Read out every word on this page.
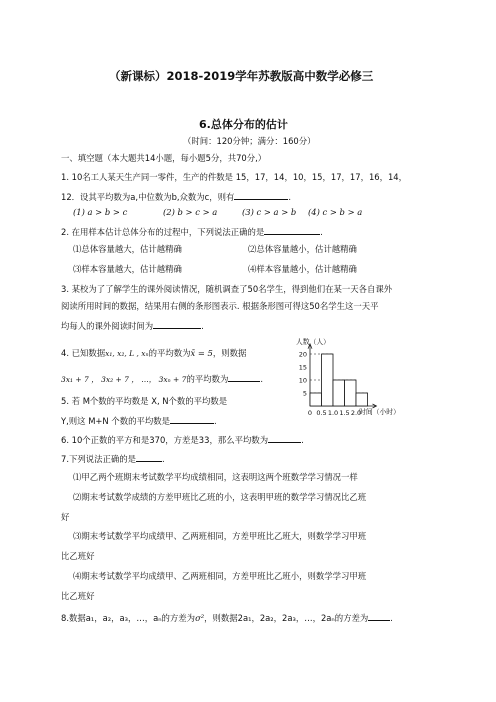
（新课标）2018-2019学年苏教版高中数学必修三
6.总体分布的估计
（时间：120分钟；满分：160分）
一、填空题（本大题共14小题，每小题5分，共70分,）
1. 10名工人某天生产同一零件，生产的件数是 15，17，14，10，15，17，17，16，14，
12．设其平均数为a,中位数为b,众数为c，则有	.
(1) a > b > c	(2) b > c > a	(3) c > a > b (4) c > b > a
2. 在用样本估计总体分布的过程中，下列说法正确的是	.
⑴总体容量越大，估计越精确	⑵总体容量越小，估计越精确
⑶样本容量越大，估计越精确	⑷样本容量越小，估计越精确
3. 某校为了了解学生的课外阅读情况，随机调查了50名学生，得到他们在某一天各自课外
阅读所用时间的数据，结果用右侧的条形图表示. 根据条形图可得这50名学生这一天平
均每人的课外阅读时间为	.
4. 已知数据x₁, x₂, L , xₙ的平均数为x̄ = 5，则数据
3x₁ + 7 ， 3x₂ + 7 ， …， 3xₙ + 7的平均数为	.
5. 若 M个数的平均数是 X, N个数的平均数是
Y,则这 M+N 个数的平均数是	.
6. 10个正数的平方和是370，方差是33，那么平均数为	.
7.下列说法正确的是	.
⑴甲乙两个班期末考试数学平均成绩相同，这表明这两个班数学学习情况一样
⑵期末考试数学成绩的方差甲班比乙班的小，这表明甲班的数学学习情况比乙班
好
⑶期末考试数学平均成绩甲、乙两班相同，方差甲班比乙班大，则数学学习甲班
比乙班好
⑷期末考试数学平均成绩甲、乙两班相同，方差甲班比乙班小，则数学学习甲班
比乙班好
8.数据a₁，a₂，a₃，…，aₙ的方差为σ²，则数据2a₁，2a₂，2a₃，…，2aₙ的方差为	.
5
10
15
20
0 0.5 1.0 1.5 2.0
人数（人）
时间（小时）
